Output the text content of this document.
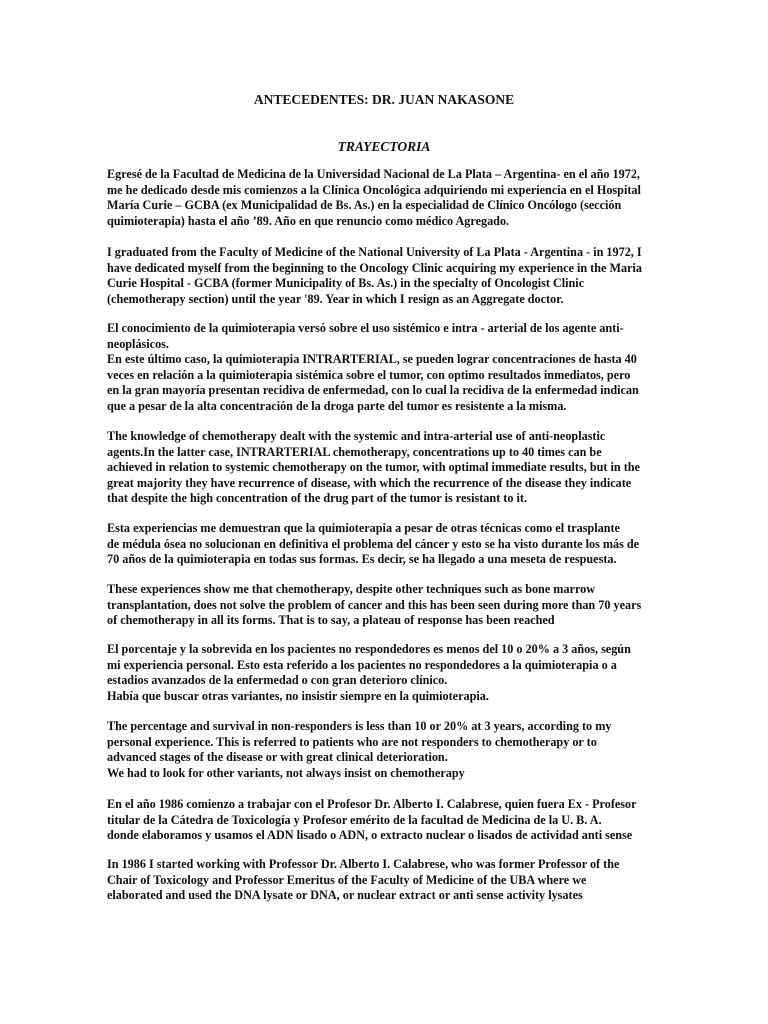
ANTECEDENTES: DR. JUAN NAKASONE
TRAYECTORIA
Egresé de la Facultad de Medicina de la Universidad Nacional de La Plata – Argentina- en el año 1972,
me he dedicado desde mis comienzos a la Clínica Oncológica adquiriendo mi experiencia en el Hospital
María Curie – GCBA (ex Municipalidad de Bs. As.) en la especialidad de Clínico Oncólogo (sección
quimioterapia) hasta el año ’89. Año en que renuncio como médico Agregado.
I graduated from the Faculty of Medicine of the National University of La Plata - Argentina - in 1972, I
have dedicated myself from the beginning to the Oncology Clinic acquiring my experience in the Maria
Curie Hospital - GCBA (former Municipality of Bs. As.) in the specialty of Oncologist Clinic
(chemotherapy section) until the year '89. Year in which I resign as an Aggregate doctor.
El conocimiento de la quimioterapia versó sobre el uso sistémico e intra - arterial de los agente anti-
neoplásicos.
En este último caso, la quimioterapia INTRARTERIAL, se pueden lograr concentraciones de hasta 40
veces en relación a la quimioterapia sistémica sobre el tumor, con optimo resultados inmediatos, pero
en la gran mayoría presentan recidiva de enfermedad, con lo cual la recidiva de la enfermedad indican
que a pesar de la alta concentración de la droga parte del tumor es resistente a la misma.
The knowledge of chemotherapy dealt with the systemic and intra-arterial use of anti-neoplastic
agents.In the latter case, INTRARTERIAL chemotherapy, concentrations up to 40 times can be
achieved in relation to systemic chemotherapy on the tumor, with optimal immediate results, but in the
great majority they have recurrence of disease, with which the recurrence of the disease they indicate
that despite the high concentration of the drug part of the tumor is resistant to it.
Esta experiencias me demuestran que la quimioterapia a pesar de otras técnicas como el trasplante
de médula ósea no solucionan en definitiva el problema del cáncer y esto se ha visto durante los más de
70 años de la quimioterapia en todas sus formas. Es decir, se ha llegado a una meseta de respuesta.
These experiences show me that chemotherapy, despite other techniques such as bone marrow
transplantation, does not solve the problem of cancer and this has been seen during more than 70 years
of chemotherapy in all its forms. That is to say, a plateau of response has been reached
El porcentaje y la sobrevida en los pacientes no respondedores es menos del 10 o 20% a 3 años, según
mi experiencia personal. Esto esta referido a los pacientes no respondedores a la quimioterapia o a
estadios avanzados de la enfermedad o con gran deterioro clínico.
Había que buscar otras variantes, no insistir siempre en la quimioterapia.
The percentage and survival in non-responders is less than 10 or 20% at 3 years, according to my
personal experience. This is referred to patients who are not responders to chemotherapy or to
advanced stages of the disease or with great clinical deterioration.
We had to look for other variants, not always insist on chemotherapy
En el año 1986 comienzo a trabajar con el Profesor Dr. Alberto I. Calabrese, quien fuera Ex - Profesor
titular de la Cátedra de Toxicología y Profesor emérito de la facultad de Medicina de la U. B. A.
donde elaboramos y usamos el ADN lisado o ADN, o extracto nuclear o lisados de actividad anti sense
In 1986 I started working with Professor Dr. Alberto I. Calabrese, who was former Professor of the
Chair of Toxicology and Professor Emeritus of the Faculty of Medicine of the UBA where we
elaborated and used the DNA lysate or DNA, or nuclear extract or anti sense activity lysates
